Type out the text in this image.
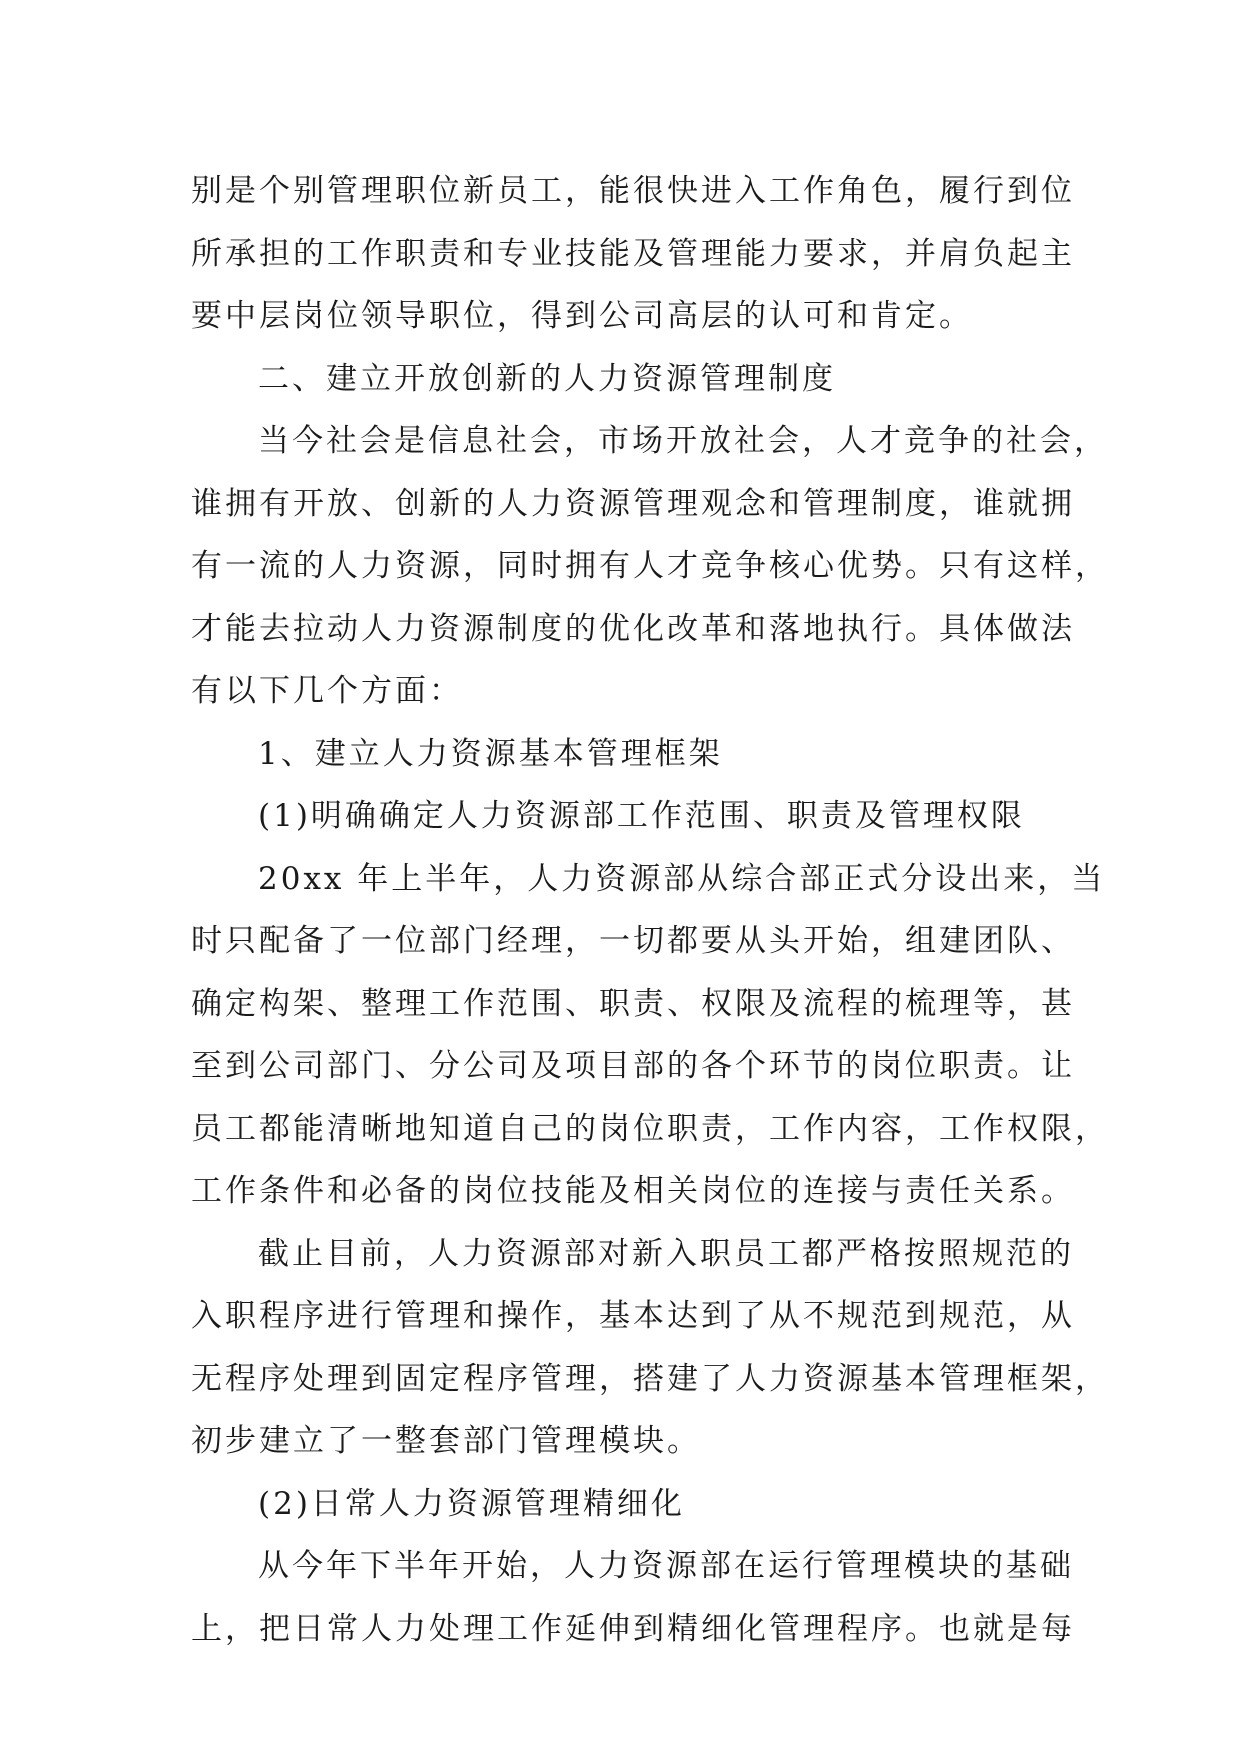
别是个别管理职位新员工，能很快进入工作角色，履行到位
所承担的工作职责和专业技能及管理能力要求，并肩负起主
要中层岗位领导职位，得到公司高层的认可和肯定。
二、建立开放创新的人力资源管理制度
当今社会是信息社会，市场开放社会，人才竞争的社会，
谁拥有开放、创新的人力资源管理观念和管理制度，谁就拥
有一流的人力资源，同时拥有人才竞争核心优势。只有这样，
才能去拉动人力资源制度的优化改革和落地执行。具体做法
有以下几个方面：
1、建立人力资源基本管理框架
(1)明确确定人力资源部工作范围、职责及管理权限
20xx 年上半年，人力资源部从综合部正式分设出来，当
时只配备了一位部门经理，一切都要从头开始，组建团队、
确定构架、整理工作范围、职责、权限及流程的梳理等，甚
至到公司部门、分公司及项目部的各个环节的岗位职责。让
员工都能清晰地知道自己的岗位职责，工作内容，工作权限，
工作条件和必备的岗位技能及相关岗位的连接与责任关系。
截止目前，人力资源部对新入职员工都严格按照规范的
入职程序进行管理和操作，基本达到了从不规范到规范，从
无程序处理到固定程序管理，搭建了人力资源基本管理框架，
初步建立了一整套部门管理模块。
(2)日常人力资源管理精细化
从今年下半年开始，人力资源部在运行管理模块的基础
上，把日常人力处理工作延伸到精细化管理程序。也就是每
